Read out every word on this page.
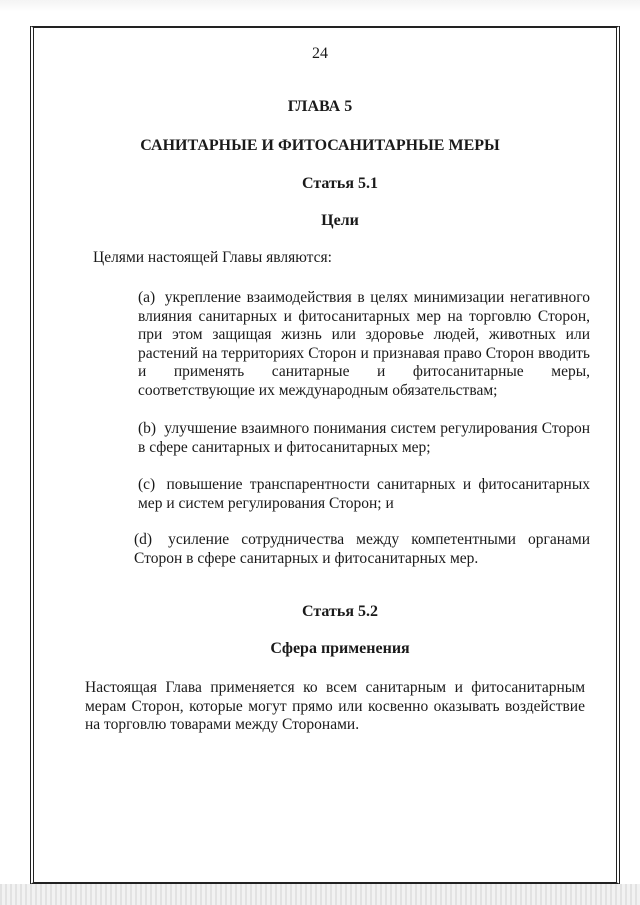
24
ГЛАВА 5
САНИТАРНЫЕ И ФИТОСАНИТАРНЫЕ МЕРЫ
Статья 5.1
Цели
Целями настоящей Главы являются:
(a) укрепление взаимодействия в целях минимизации негативного влияния санитарных и фитосанитарных мер на торговлю Сторон, при этом защищая жизнь или здоровье людей, животных или растений на территориях Сторон и признавая право Сторон вводить и применять санитарные и фитосанитарные меры, соответствующие их международным обязательствам;
(b) улучшение взаимного понимания систем регулирования Сторон в сфере санитарных и фитосанитарных мер;
(c) повышение транспарентности санитарных и фитосанитарных мер и систем регулирования Сторон; и
(d) усиление сотрудничества между компетентными органами Сторон в сфере санитарных и фитосанитарных мер.
Статья 5.2
Сфера применения
Настоящая Глава применяется ко всем санитарным и фитосанитарным мерам Сторон, которые могут прямо или косвенно оказывать воздействие на торговлю товарами между Сторонами.
